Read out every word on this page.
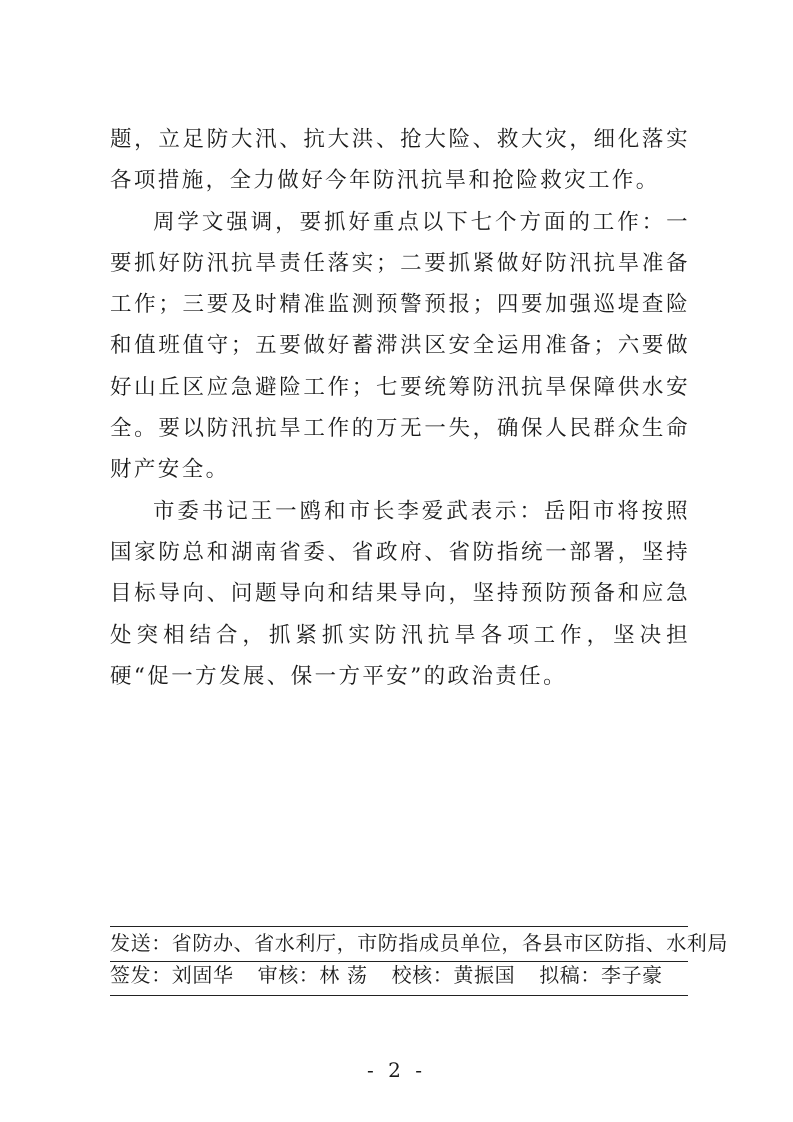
题，立足防大汛、抗大洪、抢大险、救大灾，细化落实各项措施，全力做好今年防汛抗旱和抢险救灾工作。

周学文强调，要抓好重点以下七个方面的工作：一要抓好防汛抗旱责任落实；二要抓紧做好防汛抗旱准备工作；三要及时精准监测预警预报；四要加强巡堤查险和值班值守；五要做好蓄滞洪区安全运用准备；六要做好山丘区应急避险工作；七要统筹防汛抗旱保障供水安全。要以防汛抗旱工作的万无一失，确保人民群众生命财产安全。

市委书记王一鸥和市长李爱武表示：岳阳市将按照国家防总和湖南省委、省政府、省防指统一部署，坚持目标导向、问题导向和结果导向，坚持预防预备和应急处突相结合，抓紧抓实防汛抗旱各项工作，坚决担硬“促一方发展、保一方平安”的政治责任。

发送：省防办、省水利厅，市防指成员单位，各县市区防指、水利局
签发：刘固华 审核：林 荡 校核：黄振国 拟稿：李子豪
- 2 -
